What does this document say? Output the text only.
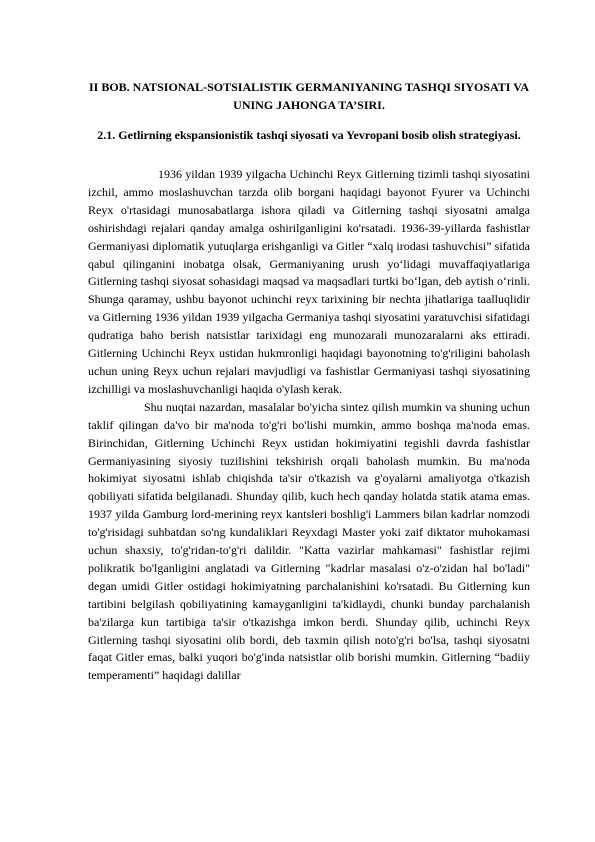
II BOB. NATSIONAL-SOTSIALISTIK GERMANIYANING TASHQI SIYOSATI VA UNING JAHONGA TA’SIRI.
2.1. Getlirning ekspansionistik tashqi siyosati va Yevropani bosib olish strategiyasi.

1936 yildan 1939 yilgacha Uchinchi Reyx Gitlerning tizimli tashqi siyosatini izchil, ammo moslashuvchan tarzda olib borgani haqidagi bayonot Fyurer va Uchinchi Reyx o'rtasidagi munosabatlarga ishora qiladi va Gitlerning tashqi siyosatni amalga oshirishdagi rejalari qanday amalga oshirilganligini ko'rsatadi. 1936-39-yillarda fashistlar Germaniyasi diplomatik yutuqlarga erishganligi va Gitler “xalq irodasi tashuvchisi” sifatida qabul qilinganini inobatga olsak, Germaniyaning urush yo‘lidagi muvaffaqiyatlariga Gitlerning tashqi siyosat sohasidagi maqsad va maqsadlari turtki bo‘lgan, deb aytish o‘rinli. Shunga qaramay, ushbu bayonot uchinchi reyx tarixining bir nechta jihatlariga taalluqlidir va Gitlerning 1936 yildan 1939 yilgacha Germaniya tashqi siyosatini yaratuvchisi sifatidagi qudratiga baho berish natsistlar tarixidagi eng munozarali munozaralarni aks ettiradi. Gitlerning Uchinchi Reyx ustidan hukmronligi haqidagi bayonotning to'g'riligini baholash uchun uning Reyx uchun rejalari mavjudligi va fashistlar Germaniyasi tashqi siyosatining izchilligi va moslashuvchanligi haqida o'ylash kerak.

Shu nuqtai nazardan, masalalar bo'yicha sintez qilish mumkin va shuning uchun taklif qilingan da'vo bir ma'noda to'g'ri bo'lishi mumkin, ammo boshqa ma'noda emas. Birinchidan, Gitlerning Uchinchi Reyx ustidan hokimiyatini tegishli davrda fashistlar Germaniyasining siyosiy tuzilishini tekshirish orqali baholash mumkin. Bu ma'noda hokimiyat siyosatni ishlab chiqishda ta'sir o'tkazish va g'oyalarni amaliyotga o'tkazish qobiliyati sifatida belgilanadi. Shunday qilib, kuch hech qanday holatda statik atama emas. 1937 yilda Gamburg lord-merining reyx kantsleri boshlig'i Lammers bilan kadrlar nomzodi to'g'risidagi suhbatdan so'ng kundaliklari Reyxdagi Master yoki zaif diktator muhokamasi uchun shaxsiy, to'g'ridan-to'g'ri dalildir. "Katta vazirlar mahkamasi" fashistlar rejimi polikratik bo'lganligini anglatadi va Gitlerning "kadrlar masalasi o'z-o'zidan hal bo'ladi" degan umidi Gitler ostidagi hokimiyatning parchalanishini ko'rsatadi. Bu Gitlerning kun tartibini belgilash qobiliyatining kamayganligini ta'kidlaydi, chunki bunday parchalanish ba'zilarga kun tartibiga ta'sir o'tkazishga imkon berdi. Shunday qilib, uchinchi Reyx Gitlerning tashqi siyosatini olib bordi, deb taxmin qilish noto'g'ri bo'lsa, tashqi siyosatni faqat Gitler emas, balki yuqori bo'g'inda natsistlar olib borishi mumkin. Gitlerning “badiiy temperamenti” haqidagi dalillar
